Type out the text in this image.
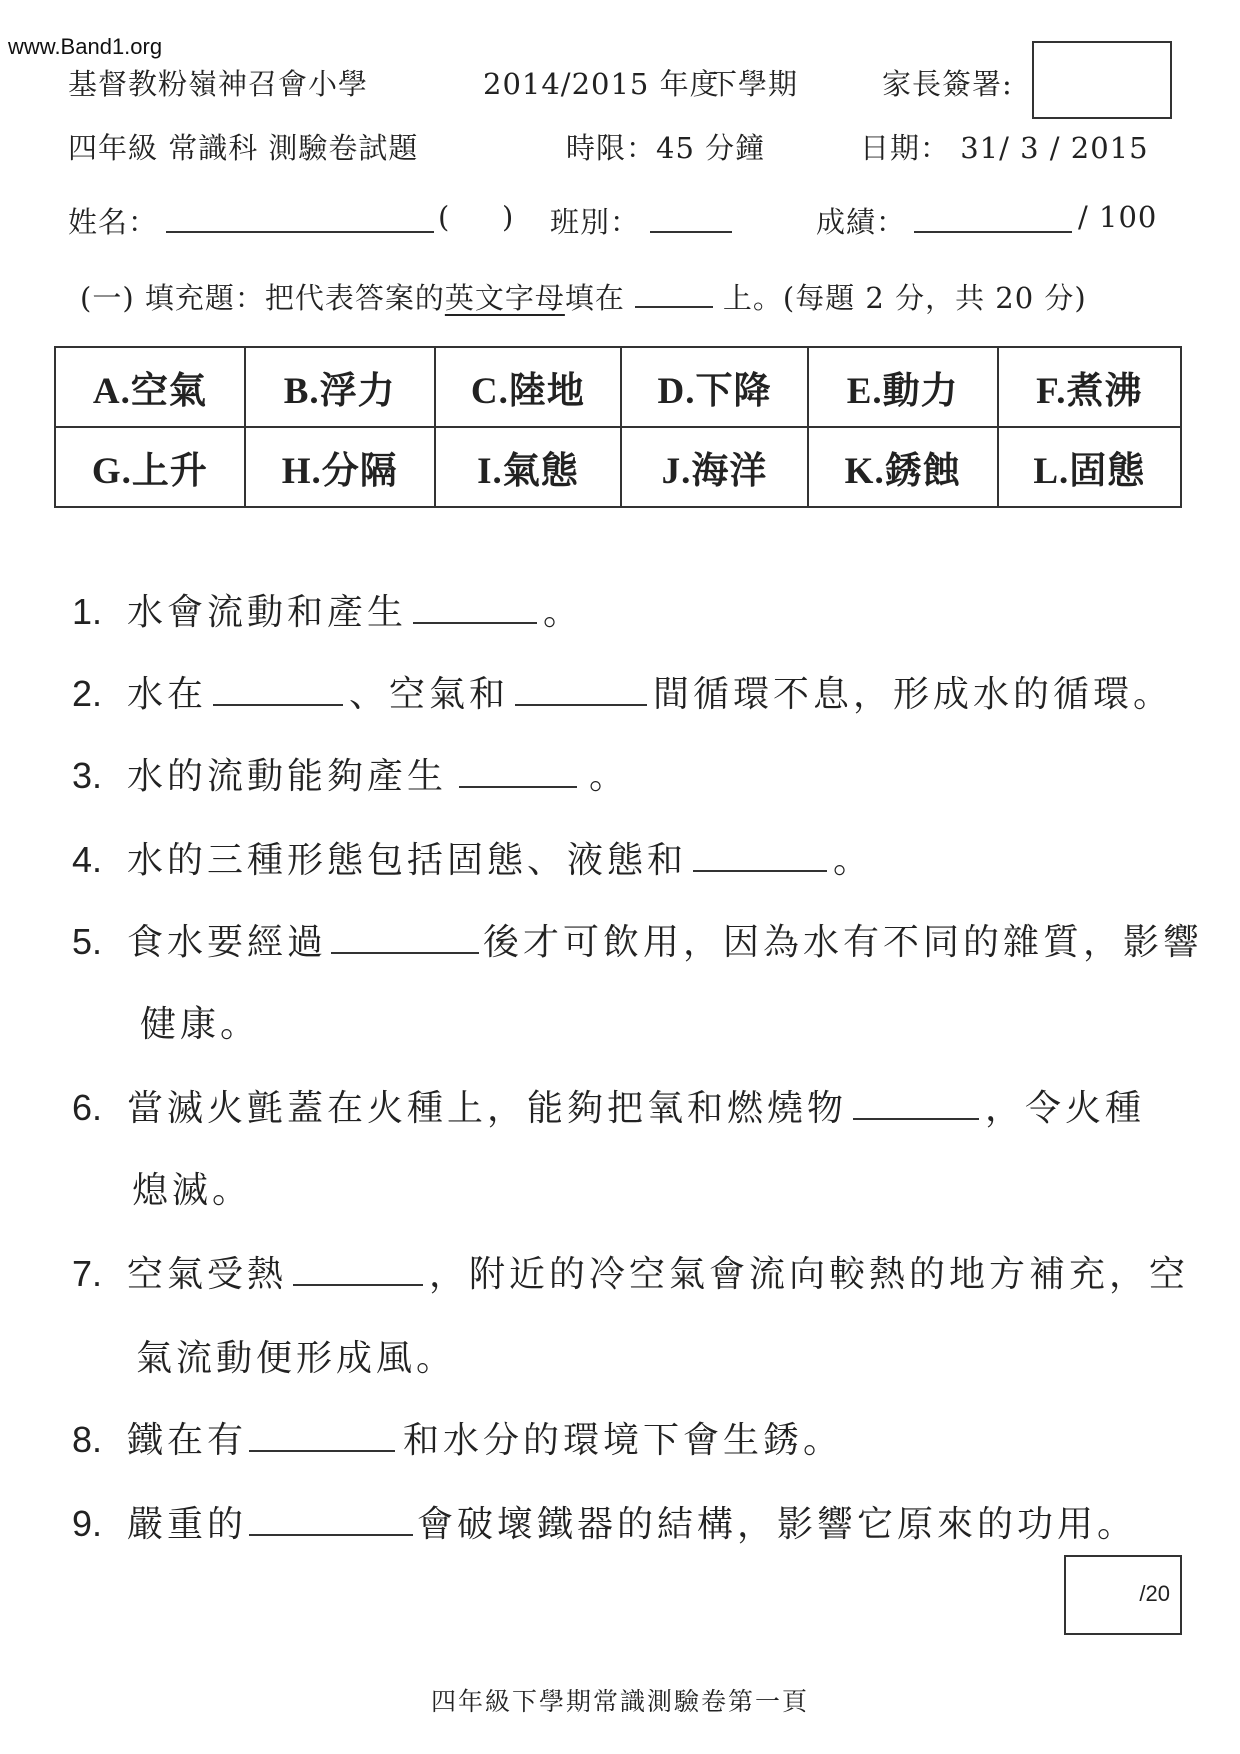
www.Band1.org
基督教粉嶺神召會小學	2014/2015 年度
下學期	家長簽署:
四年級 常識科 測驗卷試題	時限：45 分鐘	日期： 31/ 3 / 2015
姓名：	( ) 班別：	成績：	/ 100
(一) 填充題：把代表答案的英文字母填在	上。(每題 2 分，共 20 分)
A.空氣	B.浮力	C.陸地	D.下降	E.動力	F.煮沸
G.上升	H.分隔	I.氣態	J.海洋	K.銹蝕	L.固態
1. 水會流動和產生	。
2. 水在	、空氣和	間循環不息，形成水的循環。
3. 水的流動能夠產生	。
4. 水的三種形態包括固態、液態和	。
5. 食水要經過	後才可飲用，因為水有不同的雜質，影響
健康。
6. 當滅火氈蓋在火種上，能夠把氧和燃燒物	，令火種
熄滅。
7. 空氣受熱	，附近的冷空氣會流向較熱的地方補充，空
氣流動便形成風。
8. 鐵在有	和水分的環境下會生銹。
9. 嚴重的	會破壞鐵器的結構，影響它原來的功用。
/20
四年級下學期常識測驗卷第一頁
